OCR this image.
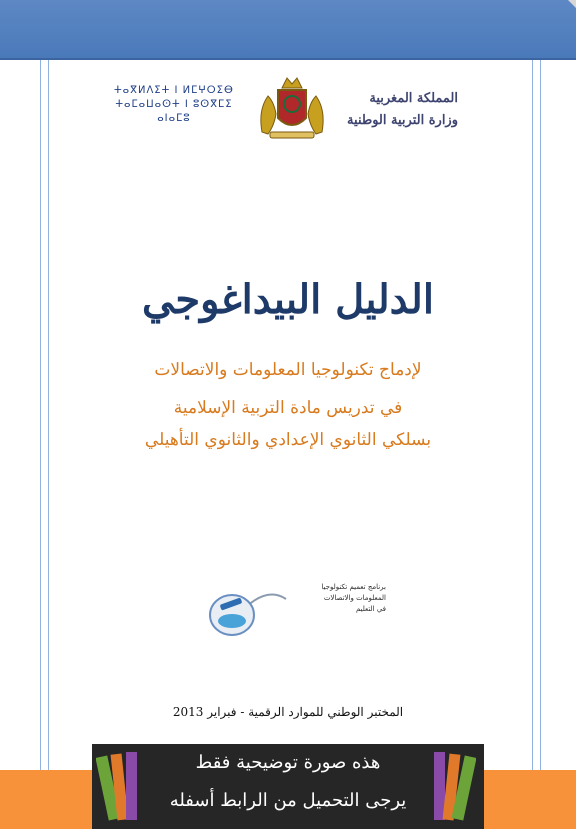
المملكة المغربية
وزارة التربية الوطنية
ⵜⴰⴳⵍⴷⵉⵜ ⵏ ⵍⵎⵖⵔⵉⴱ
ⵜⴰⵎⴰⵡⴰⵙⵜ ⵏ ⵓⵙⴳⵎⵉ
ⴰⵏⴰⵎⵓ
الدليل البيداغوجي
لإدماج تكنولوجيا المعلومات والاتصالات
في تدريس مادة التربية الإسلامية
بسلكي الثانوي الإعدادي والثانوي التأهيلي
برنامج تعميم تكنولوجيا
المعلومات والاتصالات
في التعليم
المختبر الوطني للموارد الرقمية - فبراير 2013
هذه صورة توضيحية فقط
يرجى التحميل من الرابط أسفله
